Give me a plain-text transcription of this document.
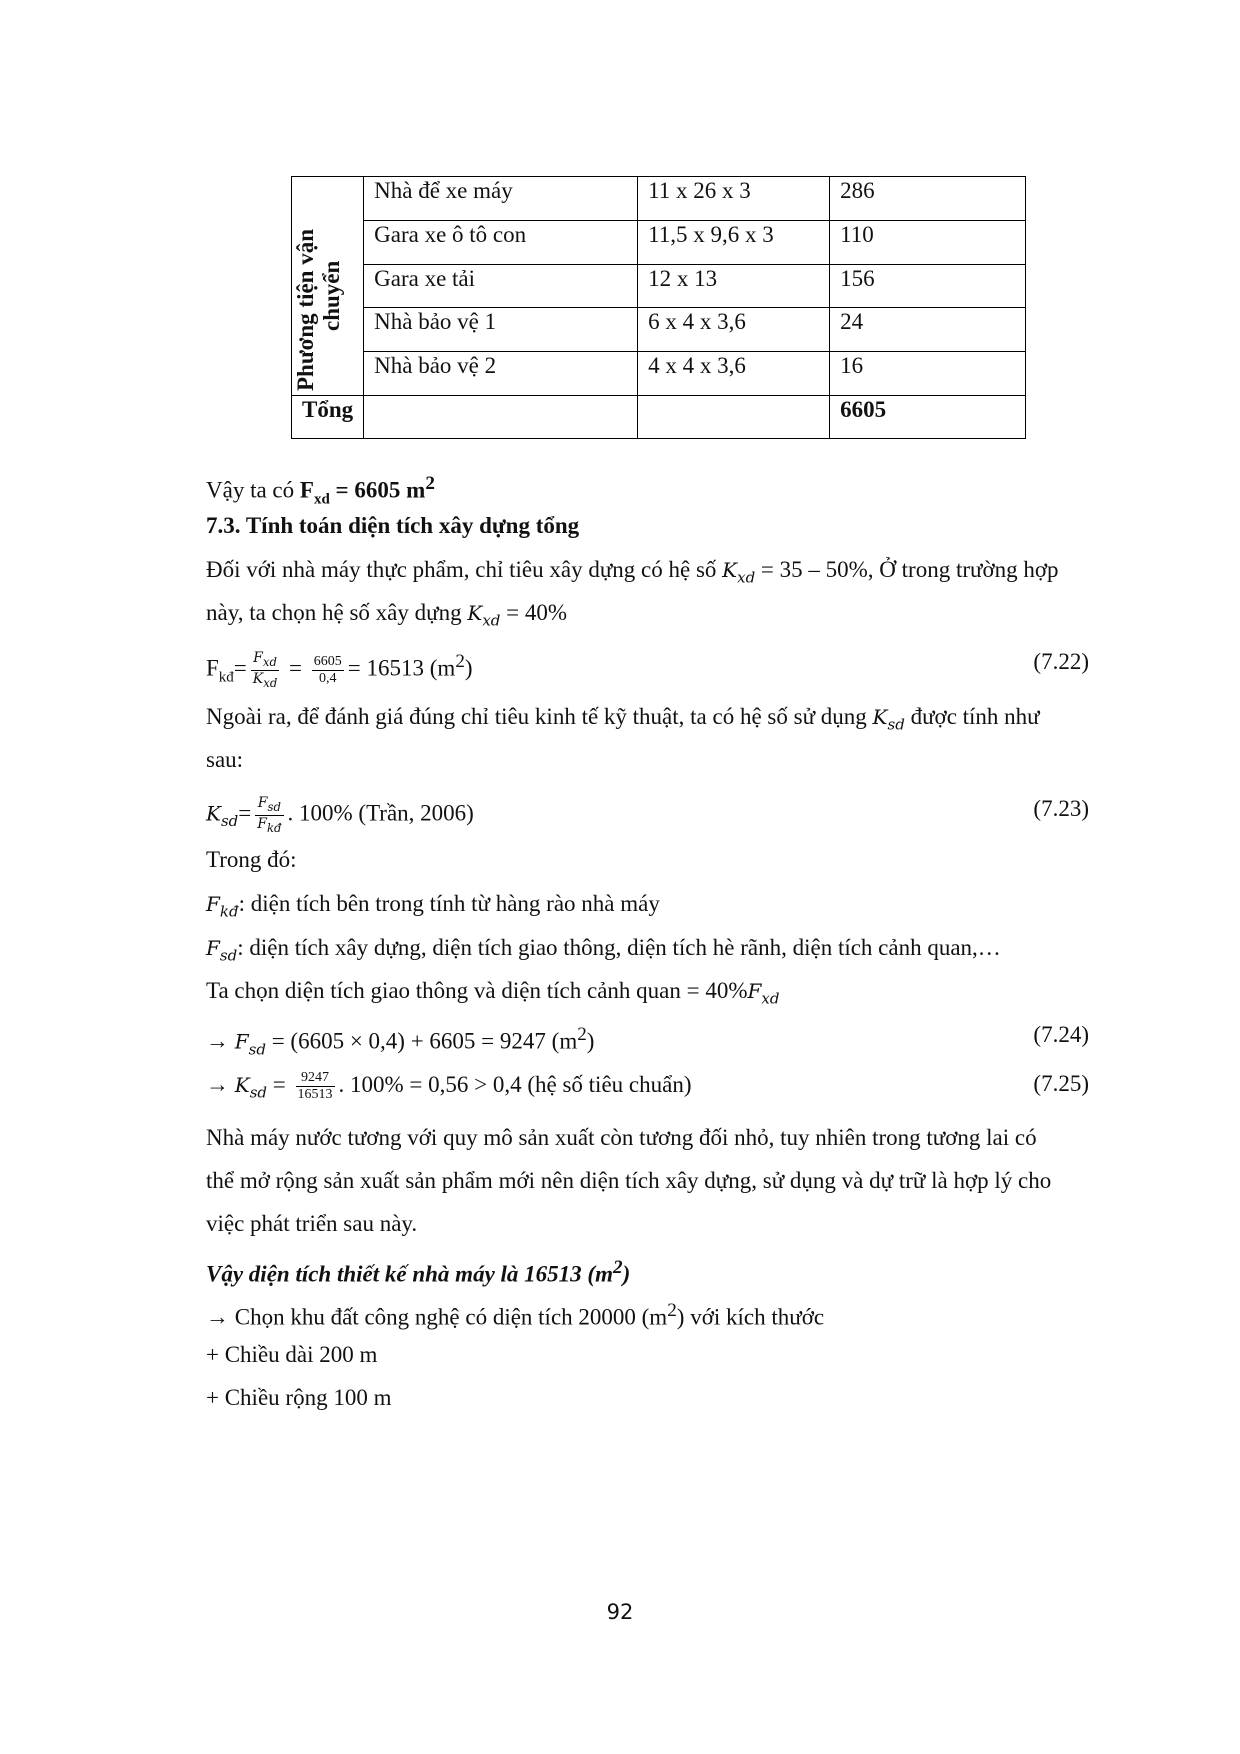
Phương tiện vận chuyển	Nhà để xe máy	11 x 26 x 3	286
	Gara xe ô tô con	11,5 x 9,6 x 3	110
	Gara xe tải	12 x 13	156
	Nhà bảo vệ 1	6 x 4 x 3,6	24
	Nhà bảo vệ 2	4 x 4 x 3,6	16
Tổng			6605
Vậy ta có $F_{xd} = 6605$ $m^2$
7.3. Tính toán diện tích xây dựng tổng
Đối với nhà máy thực phẩm, chỉ tiêu xây dựng có hệ số $K_{xd} = 35 - 50\%$, Ở trong trường hợp
này, ta chọn hệ số xây dựng $K_{xd} = 40\%$
$F_{kđ}= \frac{F_{xd}}{K_{xd}} = \frac{6605}{0,4} = 16513$ $(m^2)$	(7.22)
Ngoài ra, để đánh giá đúng chỉ tiêu kinh tế kỹ thuật, ta có hệ số sử dụng $K_{sd}$ được tính như
sau:
$K_{sd}= \frac{F_{sd}}{F_{kđ}}$ . 100% (Trần, 2006)	(7.23)
Trong đó:
$F_{kđ}$: diện tích bên trong tính từ hàng rào nhà máy
$F_{sd}$: diện tích xây dựng, diện tích giao thông, diện tích hè rãnh, diện tích cảnh quan,…
Ta chọn diện tích giao thông và diện tích cảnh quan = $40\%F_{xd}$
→ $F_{sd} = (6605 \times 0,4) + 6605 = 9247$ $(m^2)$	(7.24)
→ $K_{sd} = \frac{9247}{16513}$ . 100% = 0,56 > 0,4 (hệ số tiêu chuẩn)	(7.25)
Nhà máy nước tương với quy mô sản xuất còn tương đối nhỏ, tuy nhiên trong tương lai có
thể mở rộng sản xuất sản phẩm mới nên diện tích xây dựng, sử dụng và dự trữ là hợp lý cho
việc phát triển sau này.
Vậy diện tích thiết kế nhà máy là 16513 $(m^2)$
→ Chọn khu đất công nghệ có diện tích 20000 $(m^2)$ với kích thước
+ Chiều dài 200 m
+ Chiều rộng 100 m
92
